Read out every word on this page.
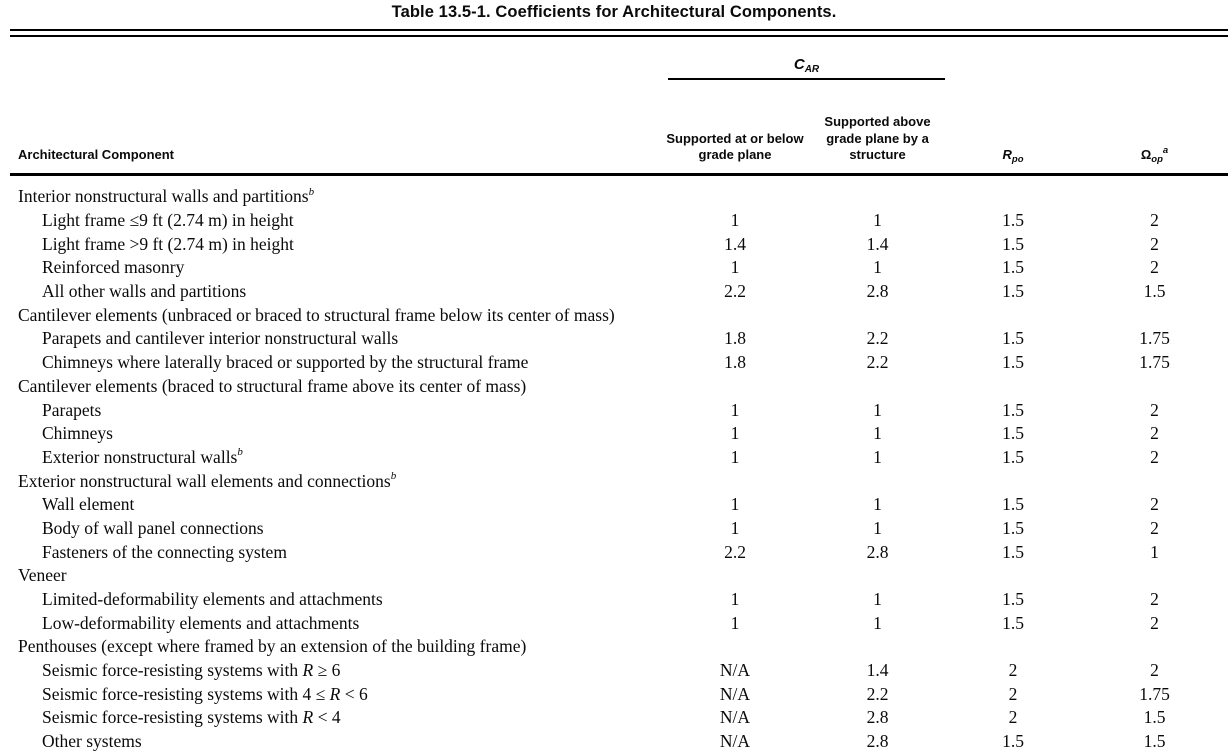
Table 13.5-1. Coefficients for Architectural Components.

	$C_{AR}$

Architectural Component	Supported at or below grade plane	Supported above grade plane by a structure	$R_{po}$	$\Omega_{op}^a$
Interior nonstructural walls and partitions$^b$				
Light frame ≤9 ft (2.74 m) in height	1	1	1.5	2
Light frame >9 ft (2.74 m) in height	1.4	1.4	1.5	2
Reinforced masonry	1	1	1.5	2
All other walls and partitions	2.2	2.8	1.5	1.5
Cantilever elements (unbraced or braced to structural frame below its center of mass)				
Parapets and cantilever interior nonstructural walls	1.8	2.2	1.5	1.75
Chimneys where laterally braced or supported by the structural frame	1.8	2.2	1.5	1.75
Cantilever elements (braced to structural frame above its center of mass)				
Parapets	1	1	1.5	2
Chimneys	1	1	1.5	2
Exterior nonstructural walls$^b$	1	1	1.5	2
Exterior nonstructural wall elements and connections$^b$				
Wall element	1	1	1.5	2
Body of wall panel connections	1	1	1.5	2
Fasteners of the connecting system	2.2	2.8	1.5	1
Veneer				
Limited-deformability elements and attachments	1	1	1.5	2
Low-deformability elements and attachments	1	1	1.5	2
Penthouses (except where framed by an extension of the building frame)				
Seismic force-resisting systems with R ≥ 6	N/A	1.4	2	2
Seismic force-resisting systems with 4 ≤ R < 6	N/A	2.2	2	1.75
Seismic force-resisting systems with R < 4	N/A	2.8	2	1.5
Other systems	N/A	2.8	1.5	1.5
